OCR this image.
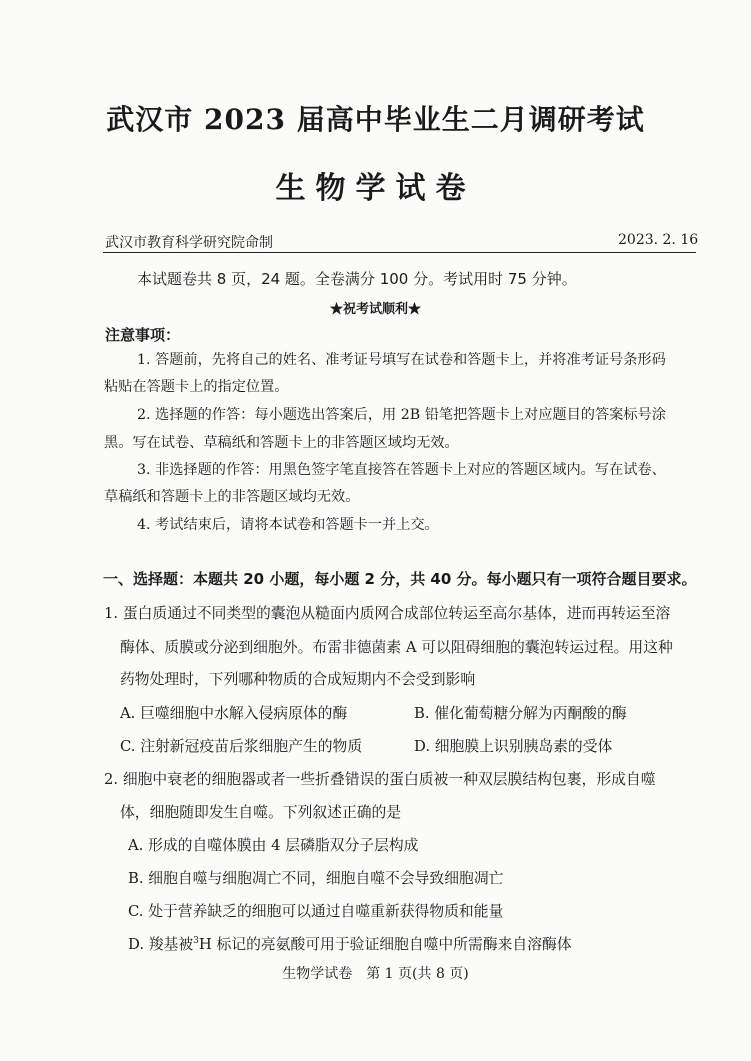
武汉市 2023 届高中毕业生二月调研考试
生物学试卷
武汉市教育科学研究院命制	2023. 2. 16
本试题卷共 8 页，24 题。全卷满分 100 分。考试用时 75 分钟。
★祝考试顺利★
注意事项：
1. 答题前，先将自己的姓名、准考证号填写在试卷和答题卡上，并将准考证号条形码
粘贴在答题卡上的指定位置。
2. 选择题的作答：每小题选出答案后，用 2B 铅笔把答题卡上对应题目的答案标号涂
黑。写在试卷、草稿纸和答题卡上的非答题区域均无效。
3. 非选择题的作答：用黑色签字笔直接答在答题卡上对应的答题区域内。写在试卷、
草稿纸和答题卡上的非答题区域均无效。
4. 考试结束后，请将本试卷和答题卡一并上交。
一、选择题：本题共 20 小题，每小题 2 分，共 40 分。每小题只有一项符合题目要求。
1. 蛋白质通过不同类型的囊泡从糙面内质网合成部位转运至高尔基体，进而再转运至溶
酶体、质膜或分泌到细胞外。布雷非德菌素 A 可以阻碍细胞的囊泡转运过程。用这种
药物处理时，下列哪种物质的合成短期内不会受到影响
A. 巨噬细胞中水解入侵病原体的酶	B. 催化葡萄糖分解为丙酮酸的酶
C. 注射新冠疫苗后浆细胞产生的物质	D. 细胞膜上识别胰岛素的受体
2. 细胞中衰老的细胞器或者一些折叠错误的蛋白质被一种双层膜结构包裹，形成自噬
体，细胞随即发生自噬。下列叙述正确的是
A. 形成的自噬体膜由 4 层磷脂双分子层构成
B. 细胞自噬与细胞凋亡不同，细胞自噬不会导致细胞凋亡
C. 处于营养缺乏的细胞可以通过自噬重新获得物质和能量
D. 羧基被$^3$H 标记的亮氨酸可用于验证细胞自噬中所需酶来自溶酶体
生物学试卷　第 1 页(共 8 页)
